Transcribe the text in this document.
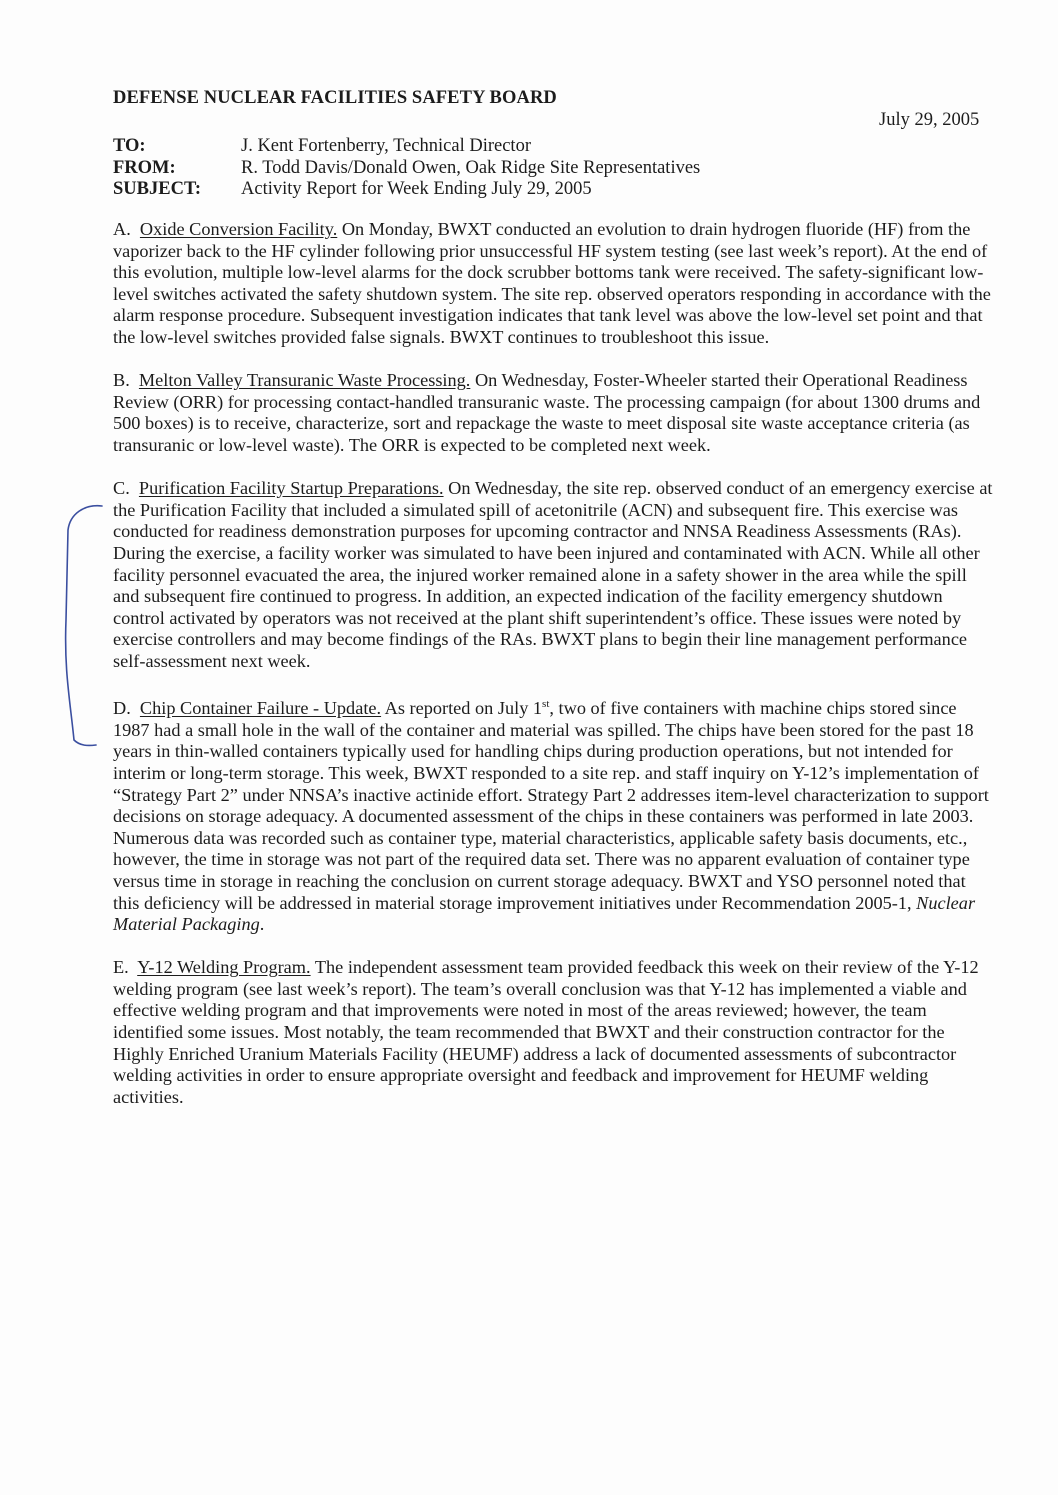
DEFENSE NUCLEAR FACILITIES SAFETY BOARD
July 29, 2005
TO:	J. Kent Fortenberry, Technical Director
FROM:	R. Todd Davis/Donald Owen, Oak Ridge Site Representatives
SUBJECT:	Activity Report for Week Ending July 29, 2005

A. Oxide Conversion Facility. On Monday, BWXT conducted an evolution to drain hydrogen fluoride (HF) from the vaporizer back to the HF cylinder following prior unsuccessful HF system testing (see last week’s report). At the end of this evolution, multiple low-level alarms for the dock scrubber bottoms tank were received. The safety-significant low-level switches activated the safety shutdown system. The site rep. observed operators responding in accordance with the alarm response procedure. Subsequent investigation indicates that tank level was above the low-level set point and that the low-level switches provided false signals. BWXT continues to troubleshoot this issue.

B. Melton Valley Transuranic Waste Processing. On Wednesday, Foster-Wheeler started their Operational Readiness Review (ORR) for processing contact-handled transuranic waste. The processing campaign (for about 1300 drums and 500 boxes) is to receive, characterize, sort and repackage the waste to meet disposal site waste acceptance criteria (as transuranic or low-level waste). The ORR is expected to be completed next week.

C. Purification Facility Startup Preparations. On Wednesday, the site rep. observed conduct of an emergency exercise at the Purification Facility that included a simulated spill of acetonitrile (ACN) and subsequent fire. This exercise was conducted for readiness demonstration purposes for upcoming contractor and NNSA Readiness Assessments (RAs). During the exercise, a facility worker was simulated to have been injured and contaminated with ACN. While all other facility personnel evacuated the area, the injured worker remained alone in a safety shower in the area while the spill and subsequent fire continued to progress. In addition, an expected indication of the facility emergency shutdown control activated by operators was not received at the plant shift superintendent’s office. These issues were noted by exercise controllers and may become findings of the RAs. BWXT plans to begin their line management performance self-assessment next week.

D. Chip Container Failure - Update. As reported on July 1st, two of five containers with machine chips stored since 1987 had a small hole in the wall of the container and material was spilled. The chips have been stored for the past 18 years in thin-walled containers typically used for handling chips during production operations, but not intended for interim or long-term storage. This week, BWXT responded to a site rep. and staff inquiry on Y-12’s implementation of “Strategy Part 2” under NNSA’s inactive actinide effort. Strategy Part 2 addresses item-level characterization to support decisions on storage adequacy. A documented assessment of the chips in these containers was performed in late 2003. Numerous data was recorded such as container type, material characteristics, applicable safety basis documents, etc., however, the time in storage was not part of the required data set. There was no apparent evaluation of container type versus time in storage in reaching the conclusion on current storage adequacy. BWXT and YSO personnel noted that this deficiency will be addressed in material storage improvement initiatives under Recommendation 2005-1, Nuclear Material Packaging.

E. Y-12 Welding Program. The independent assessment team provided feedback this week on their review of the Y-12 welding program (see last week’s report). The team’s overall conclusion was that Y-12 has implemented a viable and effective welding program and that improvements were noted in most of the areas reviewed; however, the team identified some issues. Most notably, the team recommended that BWXT and their construction contractor for the Highly Enriched Uranium Materials Facility (HEUMF) address a lack of documented assessments of subcontractor welding activities in order to ensure appropriate oversight and feedback and improvement for HEUMF welding activities.
